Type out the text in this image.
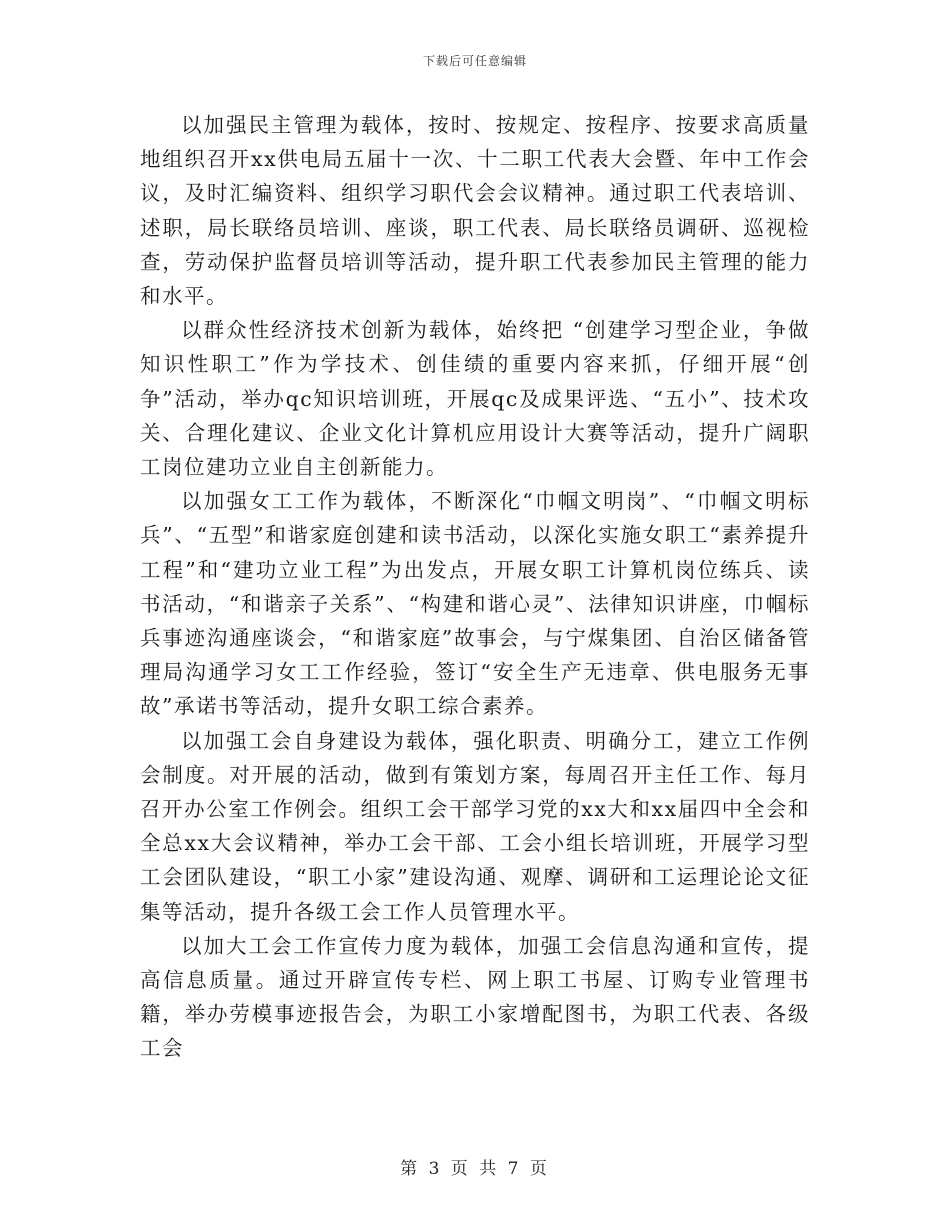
下载后可任意编辑

以加强民主管理为载体，按时、按规定、按程序、按要求高质量地组织召开xx供电局五届十一次、十二职工代表大会暨、年中工作会议，及时汇编资料、组织学习职代会会议精神。通过职工代表培训、述职，局长联络员培训、座谈，职工代表、局长联络员调研、巡视检查，劳动保护监督员培训等活动，提升职工代表参加民主管理的能力和水平。

以群众性经济技术创新为载体，始终把 “创建学习型企业，争做知识性职工”作为学技术、创佳绩的重要内容来抓，仔细开展“创争”活动，举办qc知识培训班，开展qc及成果评选、“五小”、技术攻关、合理化建议、企业文化计算机应用设计大赛等活动，提升广阔职工岗位建功立业自主创新能力。

以加强女工工作为载体，不断深化“巾帼文明岗”、“巾帼文明标兵”、“五型”和谐家庭创建和读书活动，以深化实施女职工“素养提升工程”和“建功立业工程”为出发点，开展女职工计算机岗位练兵、读书活动，“和谐亲子关系”、“构建和谐心灵”、法律知识讲座，巾帼标兵事迹沟通座谈会，“和谐家庭”故事会，与宁煤集团、自治区储备管理局沟通学习女工工作经验，签订“安全生产无违章、供电服务无事故”承诺书等活动，提升女职工综合素养。

以加强工会自身建设为载体，强化职责、明确分工，建立工作例会制度。对开展的活动，做到有策划方案，每周召开主任工作、每月召开办公室工作例会。组织工会干部学习党的xx大和xx届四中全会和全总xx大会议精神，举办工会干部、工会小组长培训班，开展学习型工会团队建设，“职工小家”建设沟通、观摩、调研和工运理论论文征集等活动，提升各级工会工作人员管理水平。

以加大工会工作宣传力度为载体，加强工会信息沟通和宣传，提高信息质量。通过开辟宣传专栏、网上职工书屋、订购专业管理书籍，举办劳模事迹报告会，为职工小家增配图书，为职工代表、各级工会

第 3 页 共 7 页
